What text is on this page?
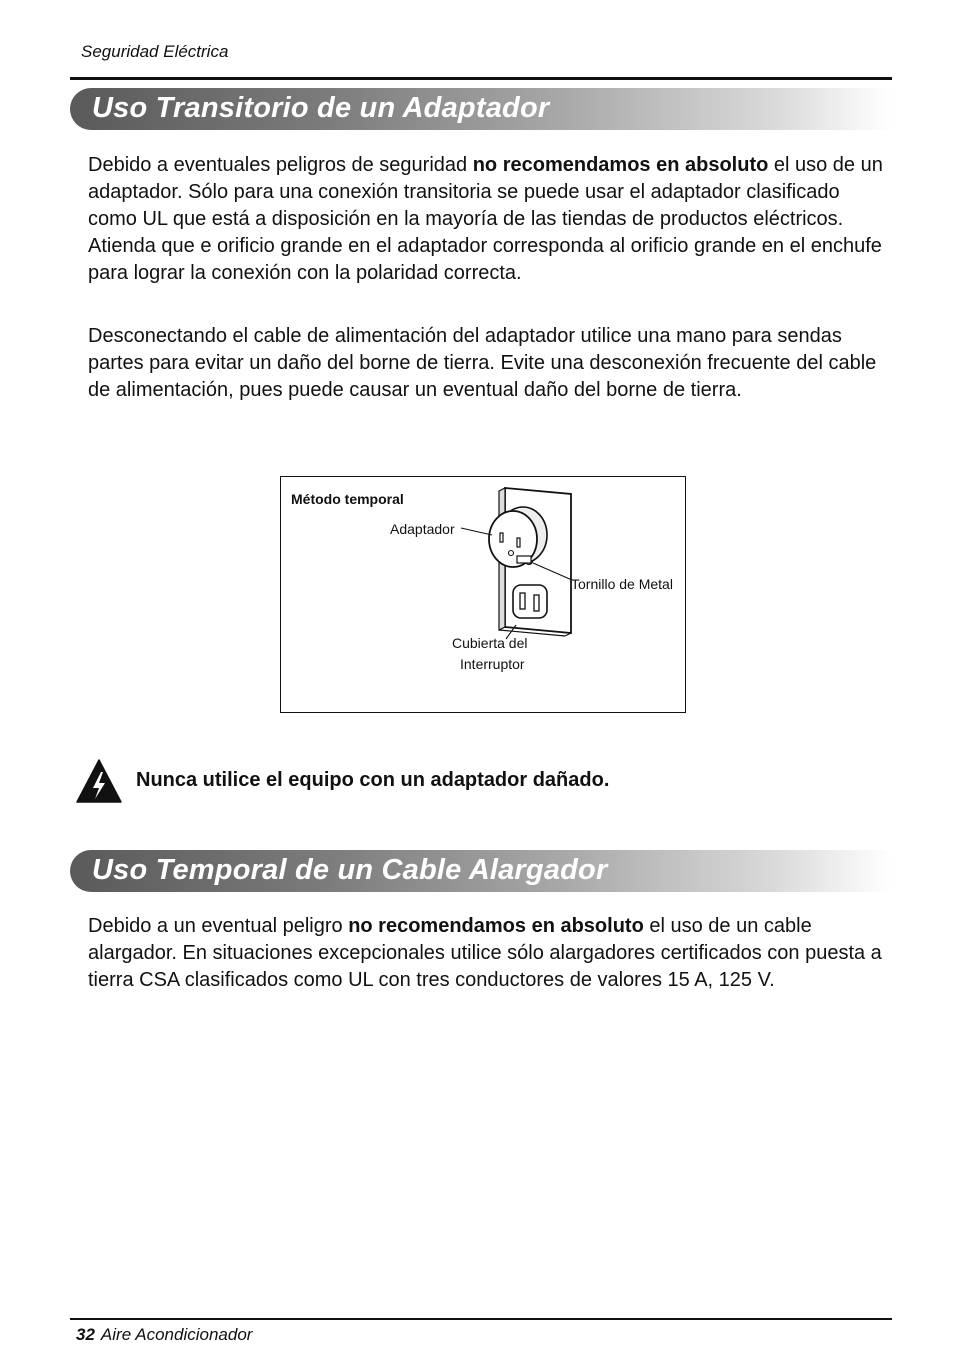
Seguridad Eléctrica
Uso Transitorio de un Adaptador

Debido a eventuales peligros de seguridad no recomendamos en absoluto el uso de un adaptador. Sólo para una conexión transitoria se puede usar el adaptador clasificado como UL que está a disposición en la mayoría de las tiendas de productos eléctricos. Atienda que e orificio grande en el adaptador corresponda al orificio grande en el enchufe para lograr la conexión con la polaridad correcta.

Desconectando el cable de alimentación del adaptador utilice una mano para sendas partes para evitar un daño del borne de tierra. Evite una desconexión frecuente del cable de alimentación, pues puede causar un eventual daño del borne de tierra.

Método temporal
Adaptador
Tornillo de Metal
Cubierta del
Interruptor
Nunca utilice el equipo con un adaptador dañado.
Uso Temporal de un Cable Alargador

Debido a un eventual peligro no recomendamos en absoluto el uso de un cable alargador. En situaciones excepcionales utilice sólo alargadores certificados con puesta a tierra CSA clasificados como UL con tres conductores de valores 15 A, 125 V.

32 Aire Acondicionador
